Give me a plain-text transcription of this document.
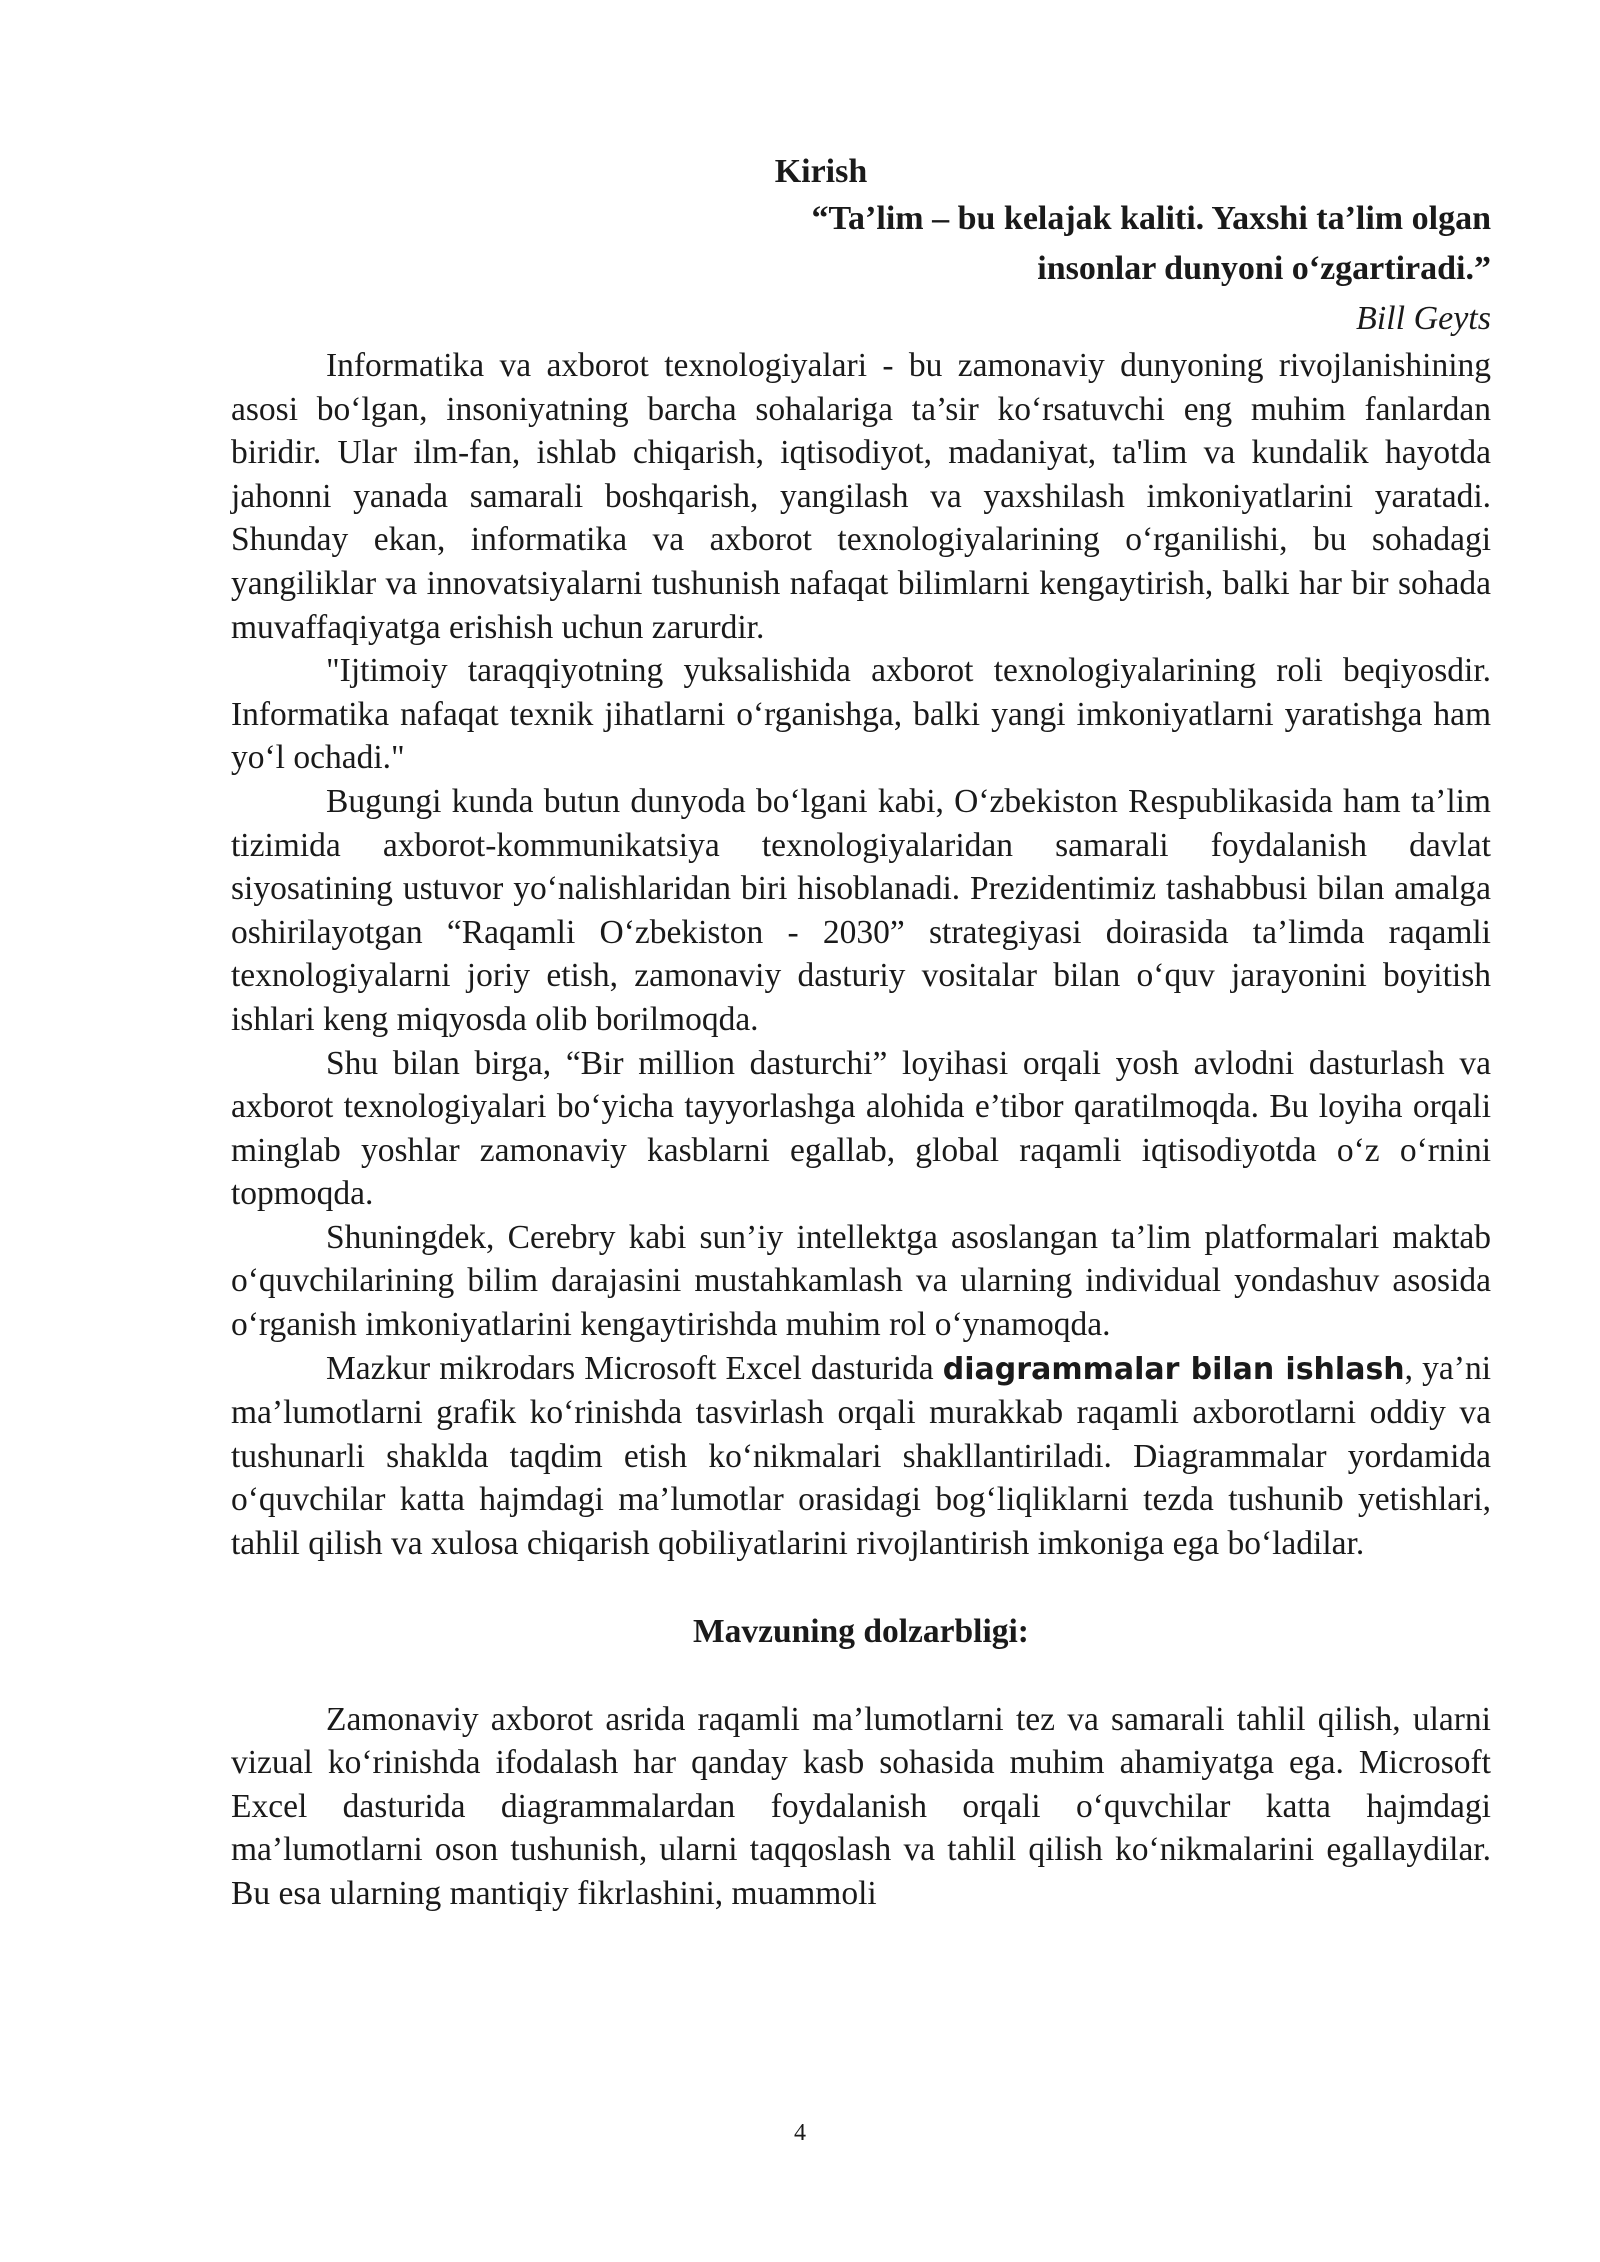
Kirish

“Ta’lim – bu kelajak kaliti. Yaxshi ta’lim olgan

insonlar dunyoni o‘zgartiradi.”

Bill Geyts

Informatika va axborot texnologiyalari - bu zamonaviy dunyoning rivojlanishining asosi bo‘lgan, insoniyatning barcha sohalariga ta’sir ko‘rsatuvchi eng muhim fanlardan biridir. Ular ilm-fan, ishlab chiqarish, iqtisodiyot, madaniyat, ta'lim va kundalik hayotda jahonni yanada samarali boshqarish, yangilash va yaxshilash imkoniyatlarini yaratadi. Shunday ekan, informatika va axborot texnologiyalarining o‘rganilishi, bu sohadagi yangiliklar va innovatsiyalarni tushunish nafaqat bilimlarni kengaytirish, balki har bir sohada muvaffaqiyatga erishish uchun zarurdir.

"Ijtimoiy taraqqiyotning yuksalishida axborot texnologiyalarining roli beqiyosdir. Informatika nafaqat texnik jihatlarni o‘rganishga, balki yangi imkoniyatlarni yaratishga ham yo‘l ochadi."

Bugungi kunda butun dunyoda bo‘lgani kabi, O‘zbekiston Respublikasida ham ta’lim tizimida axborot-kommunikatsiya texnologiyalaridan samarali foydalanish davlat siyosatining ustuvor yo‘nalishlaridan biri hisoblanadi. Prezidentimiz tashabbusi bilan amalga oshirilayotgan “Raqamli O‘zbekiston - 2030” strategiyasi doirasida ta’limda raqamli texnologiyalarni joriy etish, zamonaviy dasturiy vositalar bilan o‘quv jarayonini boyitish ishlari keng miqyosda olib borilmoqda.

Shu bilan birga, “Bir million dasturchi” loyihasi orqali yosh avlodni dasturlash va axborot texnologiyalari bo‘yicha tayyorlashga alohida e’tibor qaratilmoqda. Bu loyiha orqali minglab yoshlar zamonaviy kasblarni egallab, global raqamli iqtisodiyotda o‘z o‘rnini topmoqda.

Shuningdek, Cerebry kabi sun’iy intellektga asoslangan ta’lim platformalari maktab o‘quvchilarining bilim darajasini mustahkamlash va ularning individual yondashuv asosida o‘rganish imkoniyatlarini kengaytirishda muhim rol o‘ynamoqda.

Mazkur mikrodars Microsoft Excel dasturida diagrammalar bilan ishlash, ya’ni ma’lumotlarni grafik ko‘rinishda tasvirlash orqali murakkab raqamli axborotlarni oddiy va tushunarli shaklda taqdim etish ko‘nikmalari shakllantiriladi. Diagrammalar yordamida o‘quvchilar katta hajmdagi ma’lumotlar orasidagi bog‘liqliklarni tezda tushunib yetishlari, tahlil qilish va xulosa chiqarish qobiliyatlarini rivojlantirish imkoniga ega bo‘ladilar.

Mavzuning dolzarbligi:

Zamonaviy axborot asrida raqamli ma’lumotlarni tez va samarali tahlil qilish, ularni vizual ko‘rinishda ifodalash har qanday kasb sohasida muhim ahamiyatga ega. Microsoft Excel dasturida diagrammalardan foydalanish orqali o‘quvchilar katta hajmdagi ma’lumotlarni oson tushunish, ularni taqqoslash va tahlil qilish ko‘nikmalarini egallaydilar. Bu esa ularning mantiqiy fikrlashini, muammoli

4
